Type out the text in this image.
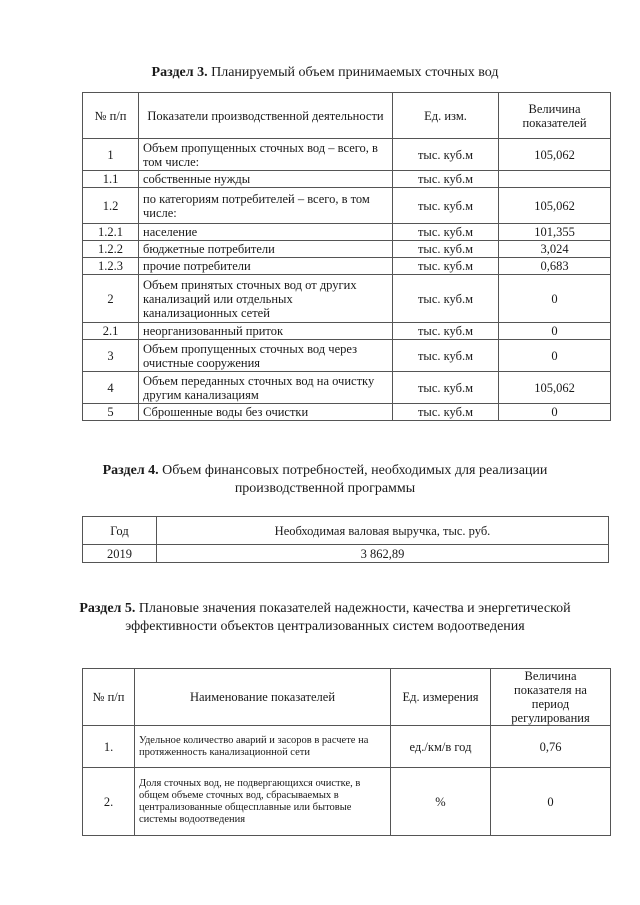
Раздел 3. Планируемый объем принимаемых сточных вод
№ п/п	Показатели производственной деятельности	Ед. изм.	Величина показателей
1	Объем пропущенных сточных вод – всего, в том числе:	тыс. куб.м	105,062
1.1	собственные нужды	тыс. куб.м	
1.2	по категориям потребителей – всего, в том числе:	тыс. куб.м	105,062
1.2.1	население	тыс. куб.м	101,355
1.2.2	бюджетные потребители	тыс. куб.м	3,024
1.2.3	прочие потребители	тыс. куб.м	0,683
2	Объем принятых сточных вод от других канализаций или отдельных канализационных сетей	тыс. куб.м	0
2.1	неорганизованный приток	тыс. куб.м	0
3	Объем пропущенных сточных вод через очистные сооружения	тыс. куб.м	0
4	Объем переданных сточных вод на очистку другим канализациям	тыс. куб.м	105,062
5	Сброшенные воды без очистки	тыс. куб.м	0
Раздел 4. Объем финансовых потребностей, необходимых для реализации производственной программы
Год	Необходимая валовая выручка, тыс. руб.
2019	3 862,89
Раздел 5. Плановые значения показателей надежности, качества и энергетической эффективности объектов централизованных систем водоотведения
№ п/п	Наименование показателей	Ед. измерения	Величина показателя на период регулирования
1.	Удельное количество аварий и засоров в расчете на протяженность канализационной сети	ед./км/в год	0,76
2.	Доля сточных вод, не подвергающихся очистке, в общем объеме сточных вод, сбрасываемых в централизованные общесплавные или бытовые системы водоотведения	%	0
